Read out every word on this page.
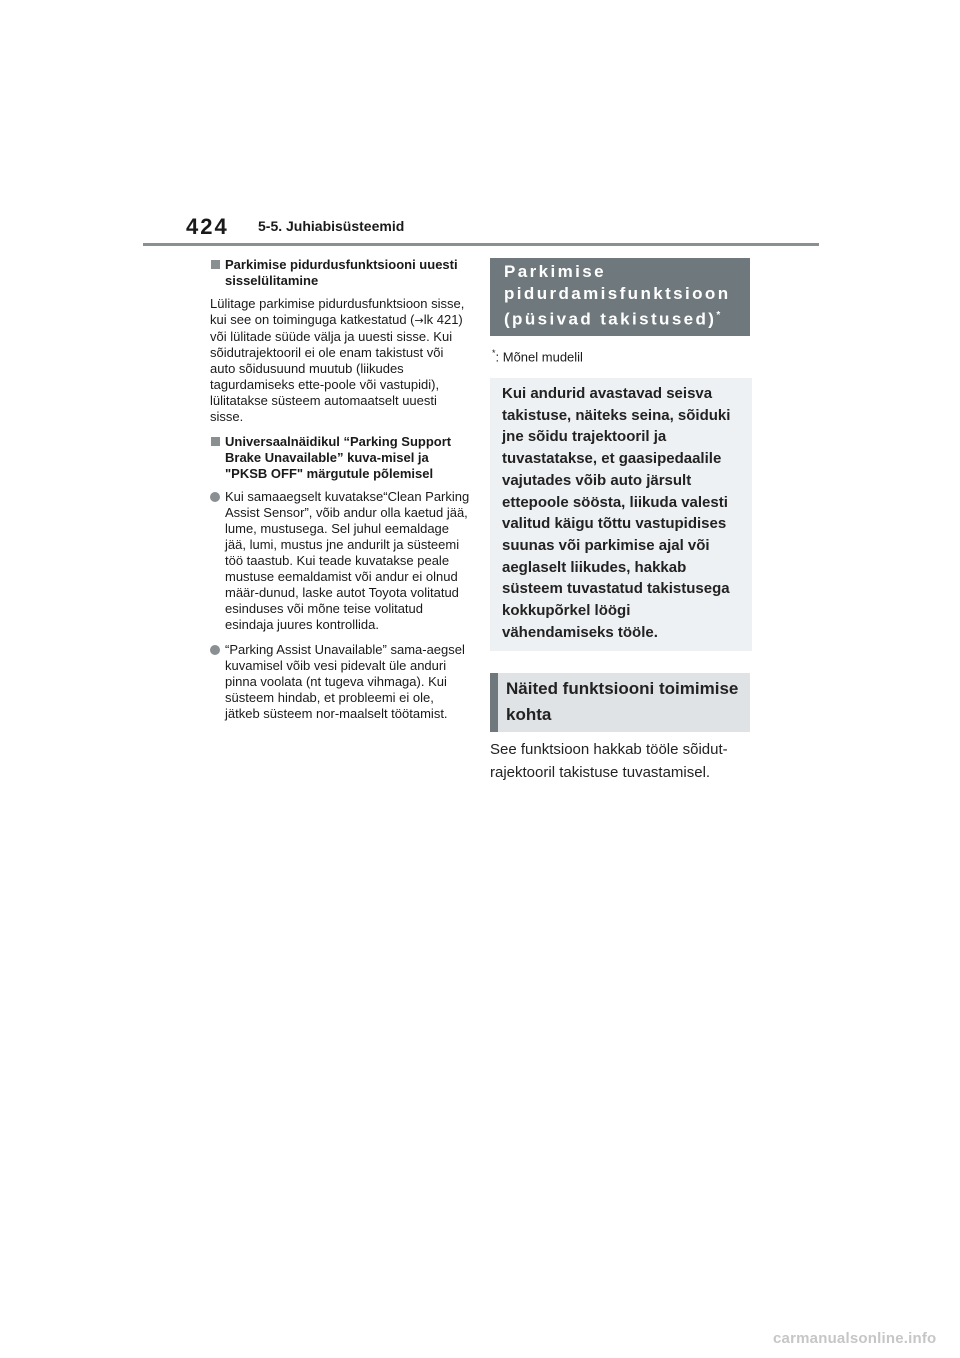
424 5-5. Juhiabisüsteemid
Parkimise pidurdusfunktsiooni uuesti sisselülitamine

Lülitage parkimise pidurdusfunktsioon sisse, kui see on toiminguga katkestatud (→lk 421) või lülitade süüde välja ja uuesti sisse. Kui sõidutrajektooril ei ole enam takistust või auto sõidusuund muutub (liikudes tagurdamiseks ette-poole või vastupidi), lülitatakse süsteem automaatselt uuesti sisse.

Universaalnäidikul “Parking Support Brake Unavailable” kuva-misel ja "PKSB OFF" märgutule põlemisel
Kui samaaegselt kuvatakse“Clean Parking Assist Sensor”, võib andur olla kaetud jää, lume, mustusega. Sel juhul eemaldage jää, lumi, mustus jne andurilt ja süsteemi töö taastub. Kui teade kuvatakse peale mustuse eemaldamist või andur ei olnud määr-dunud, laske autot Toyota volitatud esinduses või mõne teise volitatud esindaja juures kontrollida.
“Parking Assist Unavailable” sama-aegsel kuvamisel võib vesi pidevalt üle anduri pinna voolata (nt tugeva vihmaga). Kui süsteem hindab, et probleemi ei ole, jätkeb süsteem nor-maalselt töötamist.
Parkimise pidurdamisfunktsioon (püsivad takistused)*
*: Mõnel mudelil
Kui andurid avastavad seisva takistuse, näiteks seina, sõiduki jne sõidu trajektooril ja tuvastatakse, et gaasipedaalile vajutades võib auto järsult ettepoole söösta, liikuda valesti valitud käigu tõttu vastupidises suunas või parkimise ajal või aeglaselt liikudes, hakkab süsteem tuvastatud takistusega kokkupõrkel löögi vähendamiseks tööle.
Näited funktsiooni toimimise kohta
See funktsioon hakkab tööle sõidut-rajektooril takistuse tuvastamisel.
carmanualsonline.info
